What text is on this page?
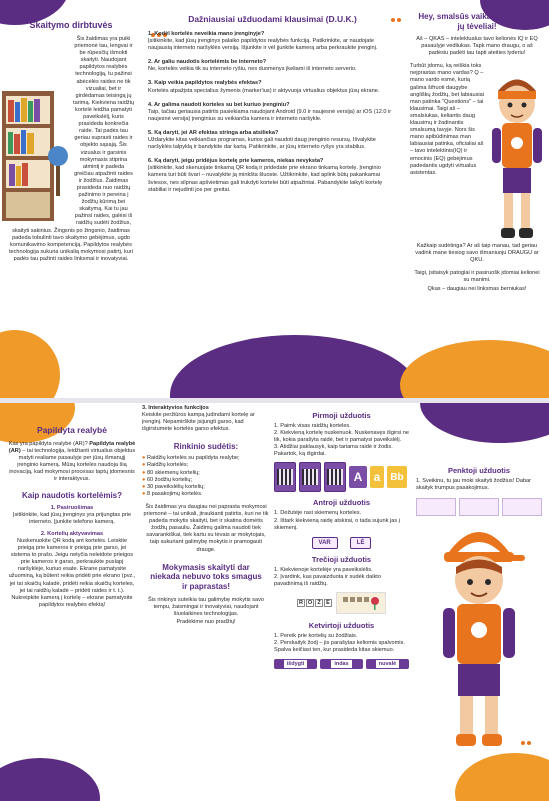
Skaitymo dirbtuvės
Šis žaidimas yra puiki priemonė tau, lengvai ir be rūpesčių išmokti skaityti. Naudojant papildytos realybės technologiją, tu pažinsi abėcėlės raides ne tik vizualiai, bet ir girdėdamas teisingą jų tarimą. Kiekviena raidžių kortelė leidžia pamatyti paveikslėlį, kuris prasideda konkrečia raide. Tai padės tau geriau suprasti raides ir objekto sąsają. Šis vizualus ir garsinis mokymasis stiprina atmintį ir padeda greičiau atpažinti raides ir žodžius. Žaidimas prasideda nuo raidžių pažinimo ir pereina į žodžių kūrimą bei skaitymą. Kai tu jau pažinsi raides, galėsi iš raidžių sudėti žodžius, skaityti sakinius. Žingsnis po žingsnio, žaidimas padeda tobulinti tavo skaitymo gebėjimus, ugdo komunikavimo kompetenciją. Papildytos realybės technologija sukuria unikalią mokymosi patirtį, kuri padės tau pažinti raides linksmai ir inovatyviai.
Dažniausiai užduodami klausimai (D.U.K.)
1. Kodėl kortelės neveikia mano įrenginyje?
Įsitikinkite, kad jūsų įrenginys palaiko papildytos realybės funkciją. Patikrinkite, ar naudojate naujausią interneto naršyklės versiją. Išjunkite ir vėl įjunkite kamerą arba perkraukite įrenginį.
2. Ar galiu naudotis kortelėmis be interneto?
Ne, kortelės veikia tik su interneto ryšiu, nes duomenys įkeliami iš interneto serverio.
3. Kaip veikia papildytos realybės efektas?
Kortelės atpažįsta specialius žymenis (marker'ius) ir aktyvuoja virtualius objektus jūsų ekrane.
4. Ar galima naudoti korteles su bet kuriuo įrenginiu?
Taip, tačiau geriausia patirtis pasiekiama naudojant Android (9.0 ir naujesnė versija) ar iOS (12.0 ir naujesnė versija) įrenginius su veikiančia kamera ir interneto naršykle.
5. Ką daryti, jei AR efektas stringa arba atsilieka?
Uždarykite kitas veikiančias programas, kurios gali naudoti daug įrenginio resursų. Išvalykite naršyklės talpyklą ir bandykite dar kartą. Patikrinkite, ar jūsų interneto ryšys yra stabilus.
6. Ką daryti, jeigu pridėjus kortelę prie kameros, niekas nevyksta?
Įsitikinkite, kad skenuojate tinkamą QR kodą ir pridedate prie ekrano tinkamą kortelę. Įrenginio kamera turi būti švari – nuvalykite ją minkšta šluoste. Užtikrinkite, kad aplink būtų pakankamai šviesos, nes silpnas apšvietimas gali trukdyti kortelei būti atpažintai. Pabandykite laikyti kortelę stabiliai ir nejudinti jos per greitai.
Hey, smalsūs vaikai ir išmanūs jų tėveliai!
Aš – QKAS – intelektualus tavo kelionės IQ ir EQ pasaulyje vedliukas. Tapk mano draugu, o aš padėsiu padėti tau tapti ateities lyderiu!
Turbūt įdomu, ką reiškia toks neįprastas mano vardas? Q – mano vardo esmė, kurią galima šifruoti daugybe angliškų žodžių, bet labiausiai man patinka "Questions" – tai klausimai. Taigi aš – smalsiukas, keliantis daug klausimų ir žadinantis smalsumą tavyje. Nors šis mano apibūdinimas man labiausiai patinka, oficialiai aš – tavo intelektinis(IQ) ir emocinis (EQ) gebėjimus padedantis ugdyti virtualus asistentas.
Kažkaip sudėtinga? Ar aš taip manau, tad geriau vadink mane tiesiog savo išmaniuoju DRAUGU ar QKU.
Taigi, įsitaisyk patogiai ir pasiruošk įdomiai kelionei su manimi.
Qkas – daugiau nei linksmas berniukas!
Papildyta realybė
Kas yra papildyta realybė (AR)? Papildyta realybė (AR) – tai technologija, leidžianti virtualius objektus matyti realiame pasaulyje per jūsų išmanųjį įrenginio kamerą. Mūsų kortelės naudoja šią inovaciją, kad mokymosi procesas taptų įdomesnis ir interaktyvus.
Kaip naudotis kortelėmis?
1. Pasiruošimas
Įsitikinkite, kad jūsų įrenginys yra prijungtas prie interneto. Įjunkite telefono kamerą.
2. Kortelių aktyvavimas
Nuskenuokite QR kodą ant kortelės. Leiskite prieigą prie kameros ir prieigą prie garso, jei sistema to prašo. Jeigu netyčia neleidote prieigos prie kameros ir garso, perkraukite puslapį naršyklėje, kuriuo esate. Ekrane pamatysite užuominą, ką būtent reikia pridėti prie ekrano (pvz., jei tai skaičių kaladė, pridėti reikia skaičių korteles, jei tai raidžių kaladė – pridėti raides ir t. t.). Nukreipkite kamerą į kortelę – ekrane pamatysite papildytos realybės efektą!
3. Interaktyvios funkcijos
Keiskite peržiūros kampą judindami kortelę ar įrenginį. Nepamirškite įsijungti garso, kad išgirstumėte kortelės garso efektus.
Rinkinio sudėtis:
● Raidžių kortelės su papildyta realybe;
● Raidžių kortelės;
● 80 skiemenų kortelių;
● 60 žodžių kortelių;
● 30 paveikslėlių kortelių;
● 8 pasakojimų kortelės.
Šis žaidimas yra daugiau nei paprasta mokymosi priemonė – tai unikali, įtraukianti patirtis, kuri ne tik padeda mokytis skaityti, bet ir skatina domėtis žodžių pasauliu. Žaidimų galima naudoti tiek savarankiškai, tiek kartu su tėvais ar mokytojais, taip sukuriant galimybę mokytis ir pramogauti drauge.
Mokymasis skaityti dar niekada nebuvo toks smagus ir paprastas!
Šis rinkinys suteikia tau galimybę mokytis savo tempu, žaismingai ir inovatyviai, naudojant šiuolaikines technologijas.
Pradėkime nuo pradžių!
Pirmoji užduotis
1. Paimk visas raidžių korteles.
2. Kiekvieną kortelę nuskenuok. Nuskenavęs išgirsi ne tik, kokia parašyta raidė, bet ir pamatysi paveikslėlį.
3. Atidžiai paklausyk, kaip tariama raidė ir žodis. Pakartok, ką išgirdai.
A a Bb
Antroji užduotis
1. Dėžutėje rasi skiemenų korteles.
2. Ištark kiekvieną raidę atskirai, o tada sujunk jas į skiemenį.
VAR	LĖ
Trečioji užduotis
1. Kiekvienoje kortelėje yra paveikslėlis.
2. Įvardink, kas pavaizduota ir sudėk daikto pavadinimą iš raidžių.
R O Ž Ė
Ketvirtoji užduotis
1. Pereik prie kortelių su žodžiais.
2. Perskaityk žodį – jis parašytas keliomis spalvomis. Spalva keičiasi ten, kur prasideda kitas skiemuo.
išdygti	indas	nuvalė
Penktoji užduotis
1. Sveikinu, tu jau moki skaityti žodžius! Dabar skaityk trumpus pasakojimus.
